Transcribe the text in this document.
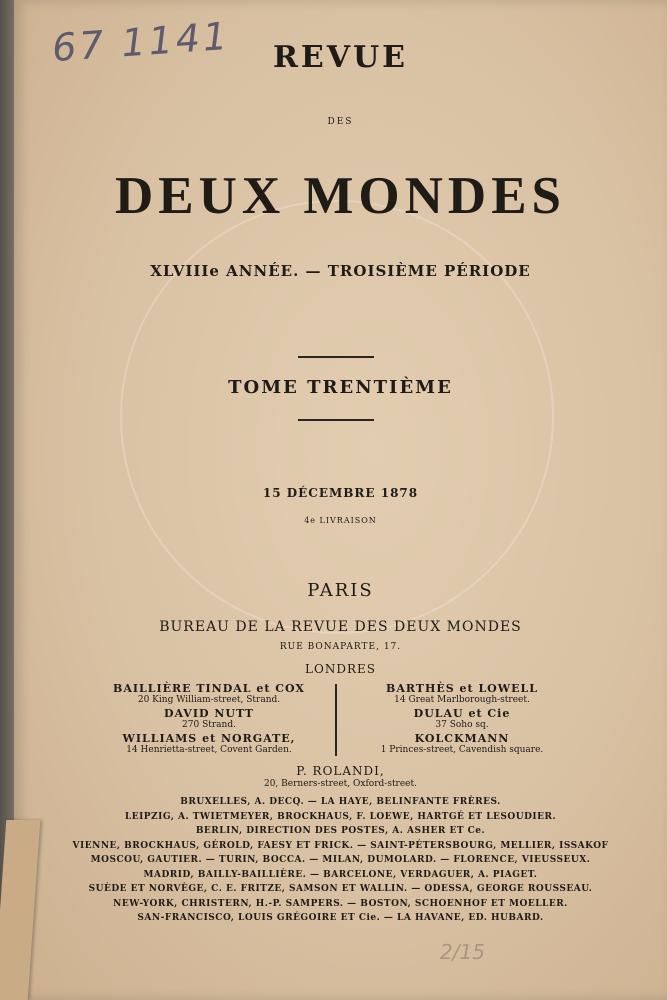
67 1141	REVUE
DES
DEUX MONDES
XLVIIIe ANNÉE. — TROISIÈME PÉRIODE
TOME TRENTIÈME
15 DÉCEMBRE 1878
4e LIVRAISON
PARIS
BUREAU DE LA REVUE DES DEUX MONDES
RUE BONAPARTE, 17.
LONDRES
BAILLIÈRE TINDAL et COX
20 King William-street, Strand.
DAVID NUTT
270 Strand.
WILLIAMS et NORGATE,
14 Henrietta-street, Covent Garden.
BARTHÈS et LOWELL
14 Great Marlborough-street.
DULAU et Cie
37 Soho sq.
KOLCKMANN
1 Princes-street, Cavendish square.
P. ROLANDI,
20, Berners-street, Oxford-street.
BRUXELLES, A. DECQ. — LA HAYE, BELINFANTE FRÈRES.
LEIPZIG, A. TWIETMEYER, BROCKHAUS, F. LOEWE, HARTGÉ ET LESOUDIER.
BERLIN, DIRECTION DES POSTES, A. ASHER ET Ce.
VIENNE, BROCKHAUS, GÉROLD, FAESY ET FRICK. — SAINT-PÉTERSBOURG, MELLIER, ISSAKOF
MOSCOU, GAUTIER. — TURIN, BOCCA. — MILAN, DUMOLARD. — FLORENCE, VIEUSSEUX.
MADRID, BAILLY-BAILLIÈRE. — BARCELONE, VERDAGUER, A. PIAGET.
SUÈDE ET NORVÈGE, C. E. FRITZE, SAMSON ET WALLIN. — ODESSA, GEORGE ROUSSEAU.
NEW-YORK, CHRISTERN, H.-P. SAMPERS. — BOSTON, SCHOENHOF ET MOELLER.
SAN-FRANCISCO, LOUIS GRÉGOIRE ET Cie. — LA HAVANE, ED. HUBARD.
2/15
